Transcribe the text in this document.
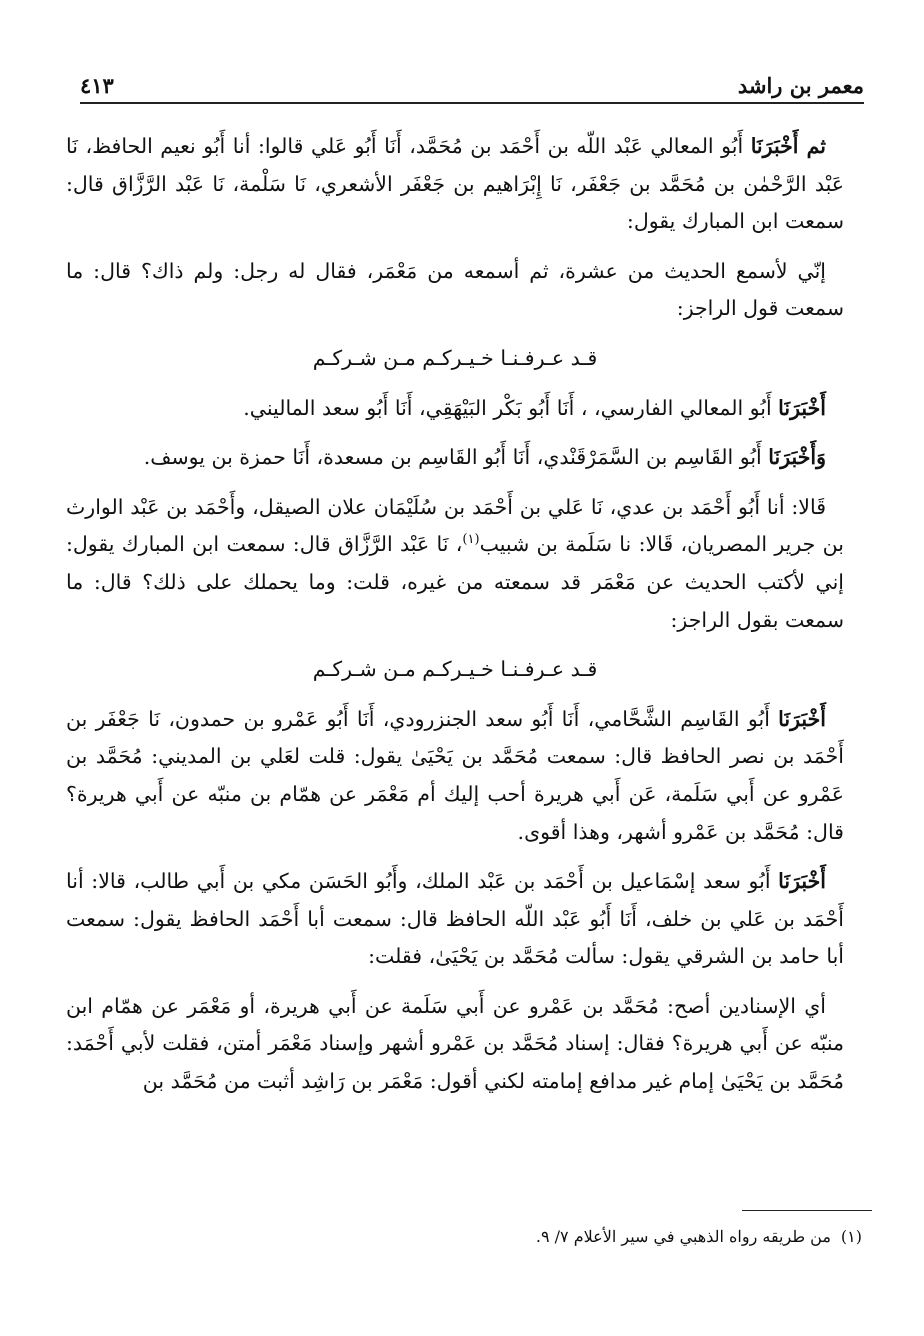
معمر بن راشد
٤١٣

ثم أَخْبَرَنَا أَبُو المعالي عَبْد اللّه بن أَحْمَد بن مُحَمَّد، أَنَا أَبُو عَلي قالوا: أنا أَبُو نعيم الحافظ، نَا عَبْد الرَّحْمٰن بن مُحَمَّد بن جَعْفَر، نَا إِبْرَاهيم بن جَعْفَر الأشعري، نَا سَلْمة، نَا عَبْد الرَّزَّاق قال: سمعت ابن المبارك يقول:

إنّي لأسمع الحديث من عشرة، ثم أسمعه من مَعْمَر، فقال له رجل: ولم ذاك؟ قال: ما سمعت قول الراجز:

قـد عـرفـنـا خـيـركـم مـن شـركـم

أَخْبَرَنَا أَبُو المعالي الفارسي، ، أَنَا أَبُو بَكْر البَيْهَقِي، أَنَا أَبُو سعد الماليني.

وَأَخْبَرَنَا أَبُو القَاسِم بن السَّمَرْقَنْدي، أَنَا أَبُو القَاسِم بن مسعدة، أَنَا حمزة بن يوسف.

قَالا: أنا أَبُو أَحْمَد بن عدي، نَا عَلي بن أَحْمَد بن سُلَيْمَان علان الصيقل، وأَحْمَد بن عَبْد الوارث بن جرير المصريان، قَالا: نا سَلَمة بن شبيب$^{(١)}$، نَا عَبْد الرَّزَّاق قال: سمعت ابن المبارك يقول: إني لأكتب الحديث عن مَعْمَر قد سمعته من غيره، قلت: وما يحملك على ذلك؟ قال: ما سمعت بقول الراجز:

قـد عـرفـنـا خـيـركـم مـن شـركـم

أَخْبَرَنَا أَبُو القَاسِم الشَّحَّامي، أَنَا أَبُو سعد الجنزرودي، أَنَا أَبُو عَمْرو بن حمدون، نَا جَعْفَر بن أَحْمَد بن نصر الحافظ قال: سمعت مُحَمَّد بن يَحْيَىٰ يقول: قلت لعَلي بن المديني: مُحَمَّد بن عَمْرو عن أَبي سَلَمة، عَن أَبي هريرة أحب إليك أم مَعْمَر عن همّام بن منبّه عن أَبي هريرة؟ قال: مُحَمَّد بن عَمْرو أشهر، وهذا أقوى.

أَخْبَرَنَا أَبُو سعد إسْمَاعيل بن أَحْمَد بن عَبْد الملك، وأَبُو الحَسَن مكي بن أَبي طالب، قالا: أنا أَحْمَد بن عَلي بن خلف، أَنَا أَبُو عَبْد اللّه الحافظ قال: سمعت أبا أَحْمَد الحافظ يقول: سمعت أبا حامد بن الشرقي يقول: سألت مُحَمَّد بن يَحْيَىٰ، فقلت:

أي الإسنادين أصح: مُحَمَّد بن عَمْرو عن أَبي سَلَمة عن أَبي هريرة، أو مَعْمَر عن همّام ابن منبّه عن أَبي هريرة؟ فقال: إسناد مُحَمَّد بن عَمْرو أشهر وإسناد مَعْمَر أمتن، فقلت لأبي أَحْمَد: مُحَمَّد بن يَحْيَىٰ إمام غير مدافع إمامته لكني أقول: مَعْمَر بن رَاشِد أثبت من مُحَمَّد بن

(١)من طريقه رواه الذهبي في سير الأعلام ٧/ ٩.
